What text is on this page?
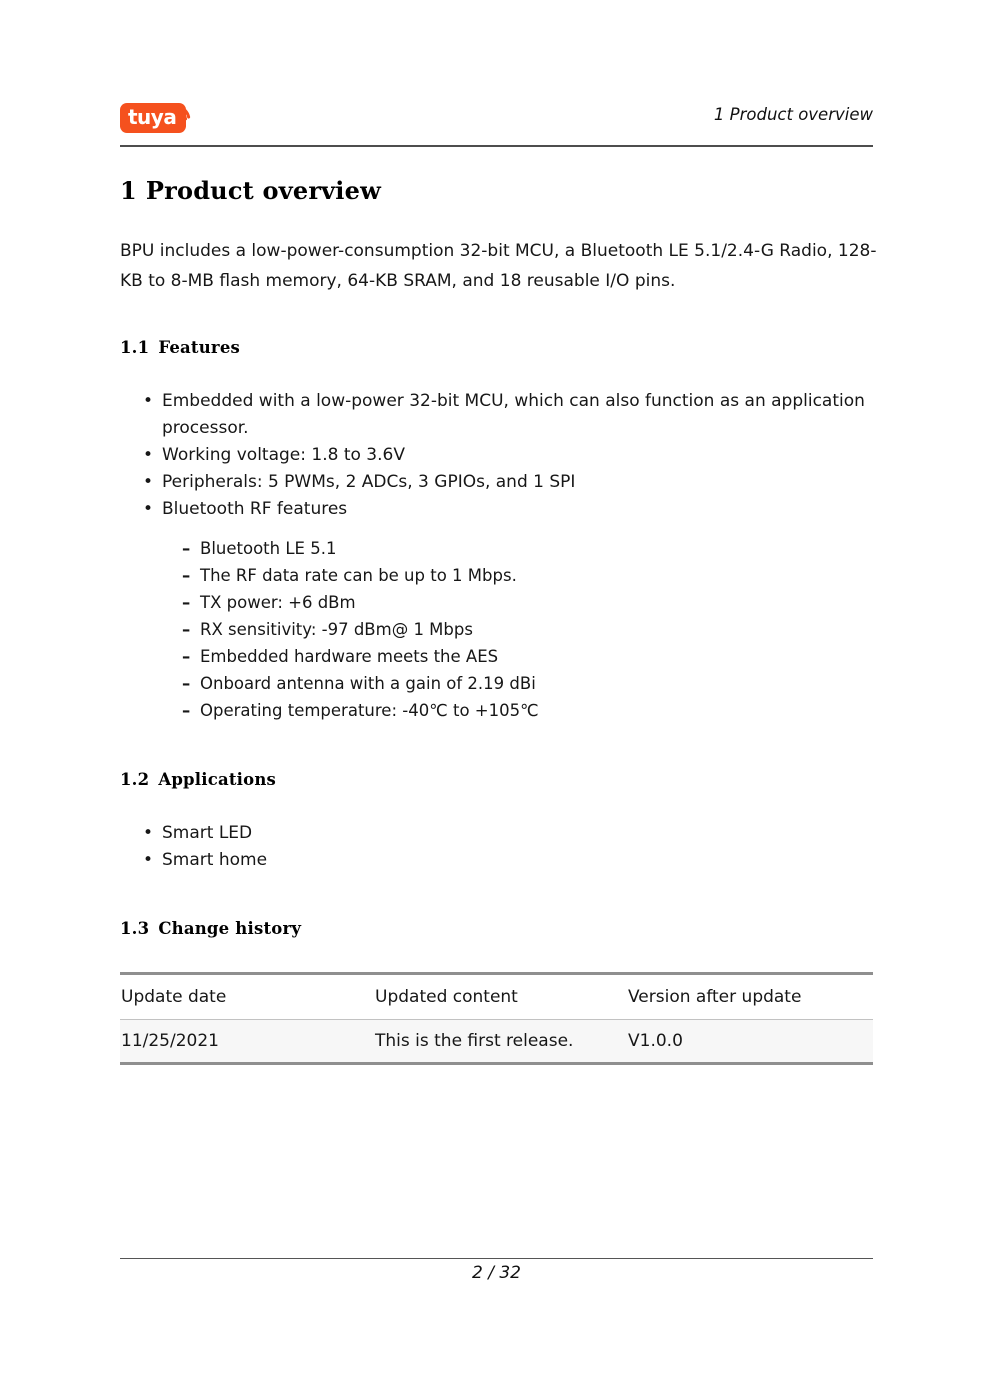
tuya	1 Product overview
1 Product overview
BPU includes a low-power-consumption 32-bit MCU, a Bluetooth LE 5.1/2.4-G Radio, 128-KB to 8-MB flash memory, 64-KB SRAM, and 18 reusable I/O pins.
1.1 Features
• Embedded with a low-power 32-bit MCU, which can also function as an application processor.
• Working voltage: 1.8 to 3.6V
• Peripherals: 5 PWMs, 2 ADCs, 3 GPIOs, and 1 SPI
• Bluetooth RF features
– Bluetooth LE 5.1
– The RF data rate can be up to 1 Mbps.
– TX power: +6 dBm
– RX sensitivity: -97 dBm@ 1 Mbps
– Embedded hardware meets the AES
– Onboard antenna with a gain of 2.19 dBi
– Operating temperature: -40℃ to +105℃
1.2 Applications
• Smart LED
• Smart home
1.3 Change history
Update date	Updated content	Version after update
11/25/2021	This is the first release.	V1.0.0
2 / 32
